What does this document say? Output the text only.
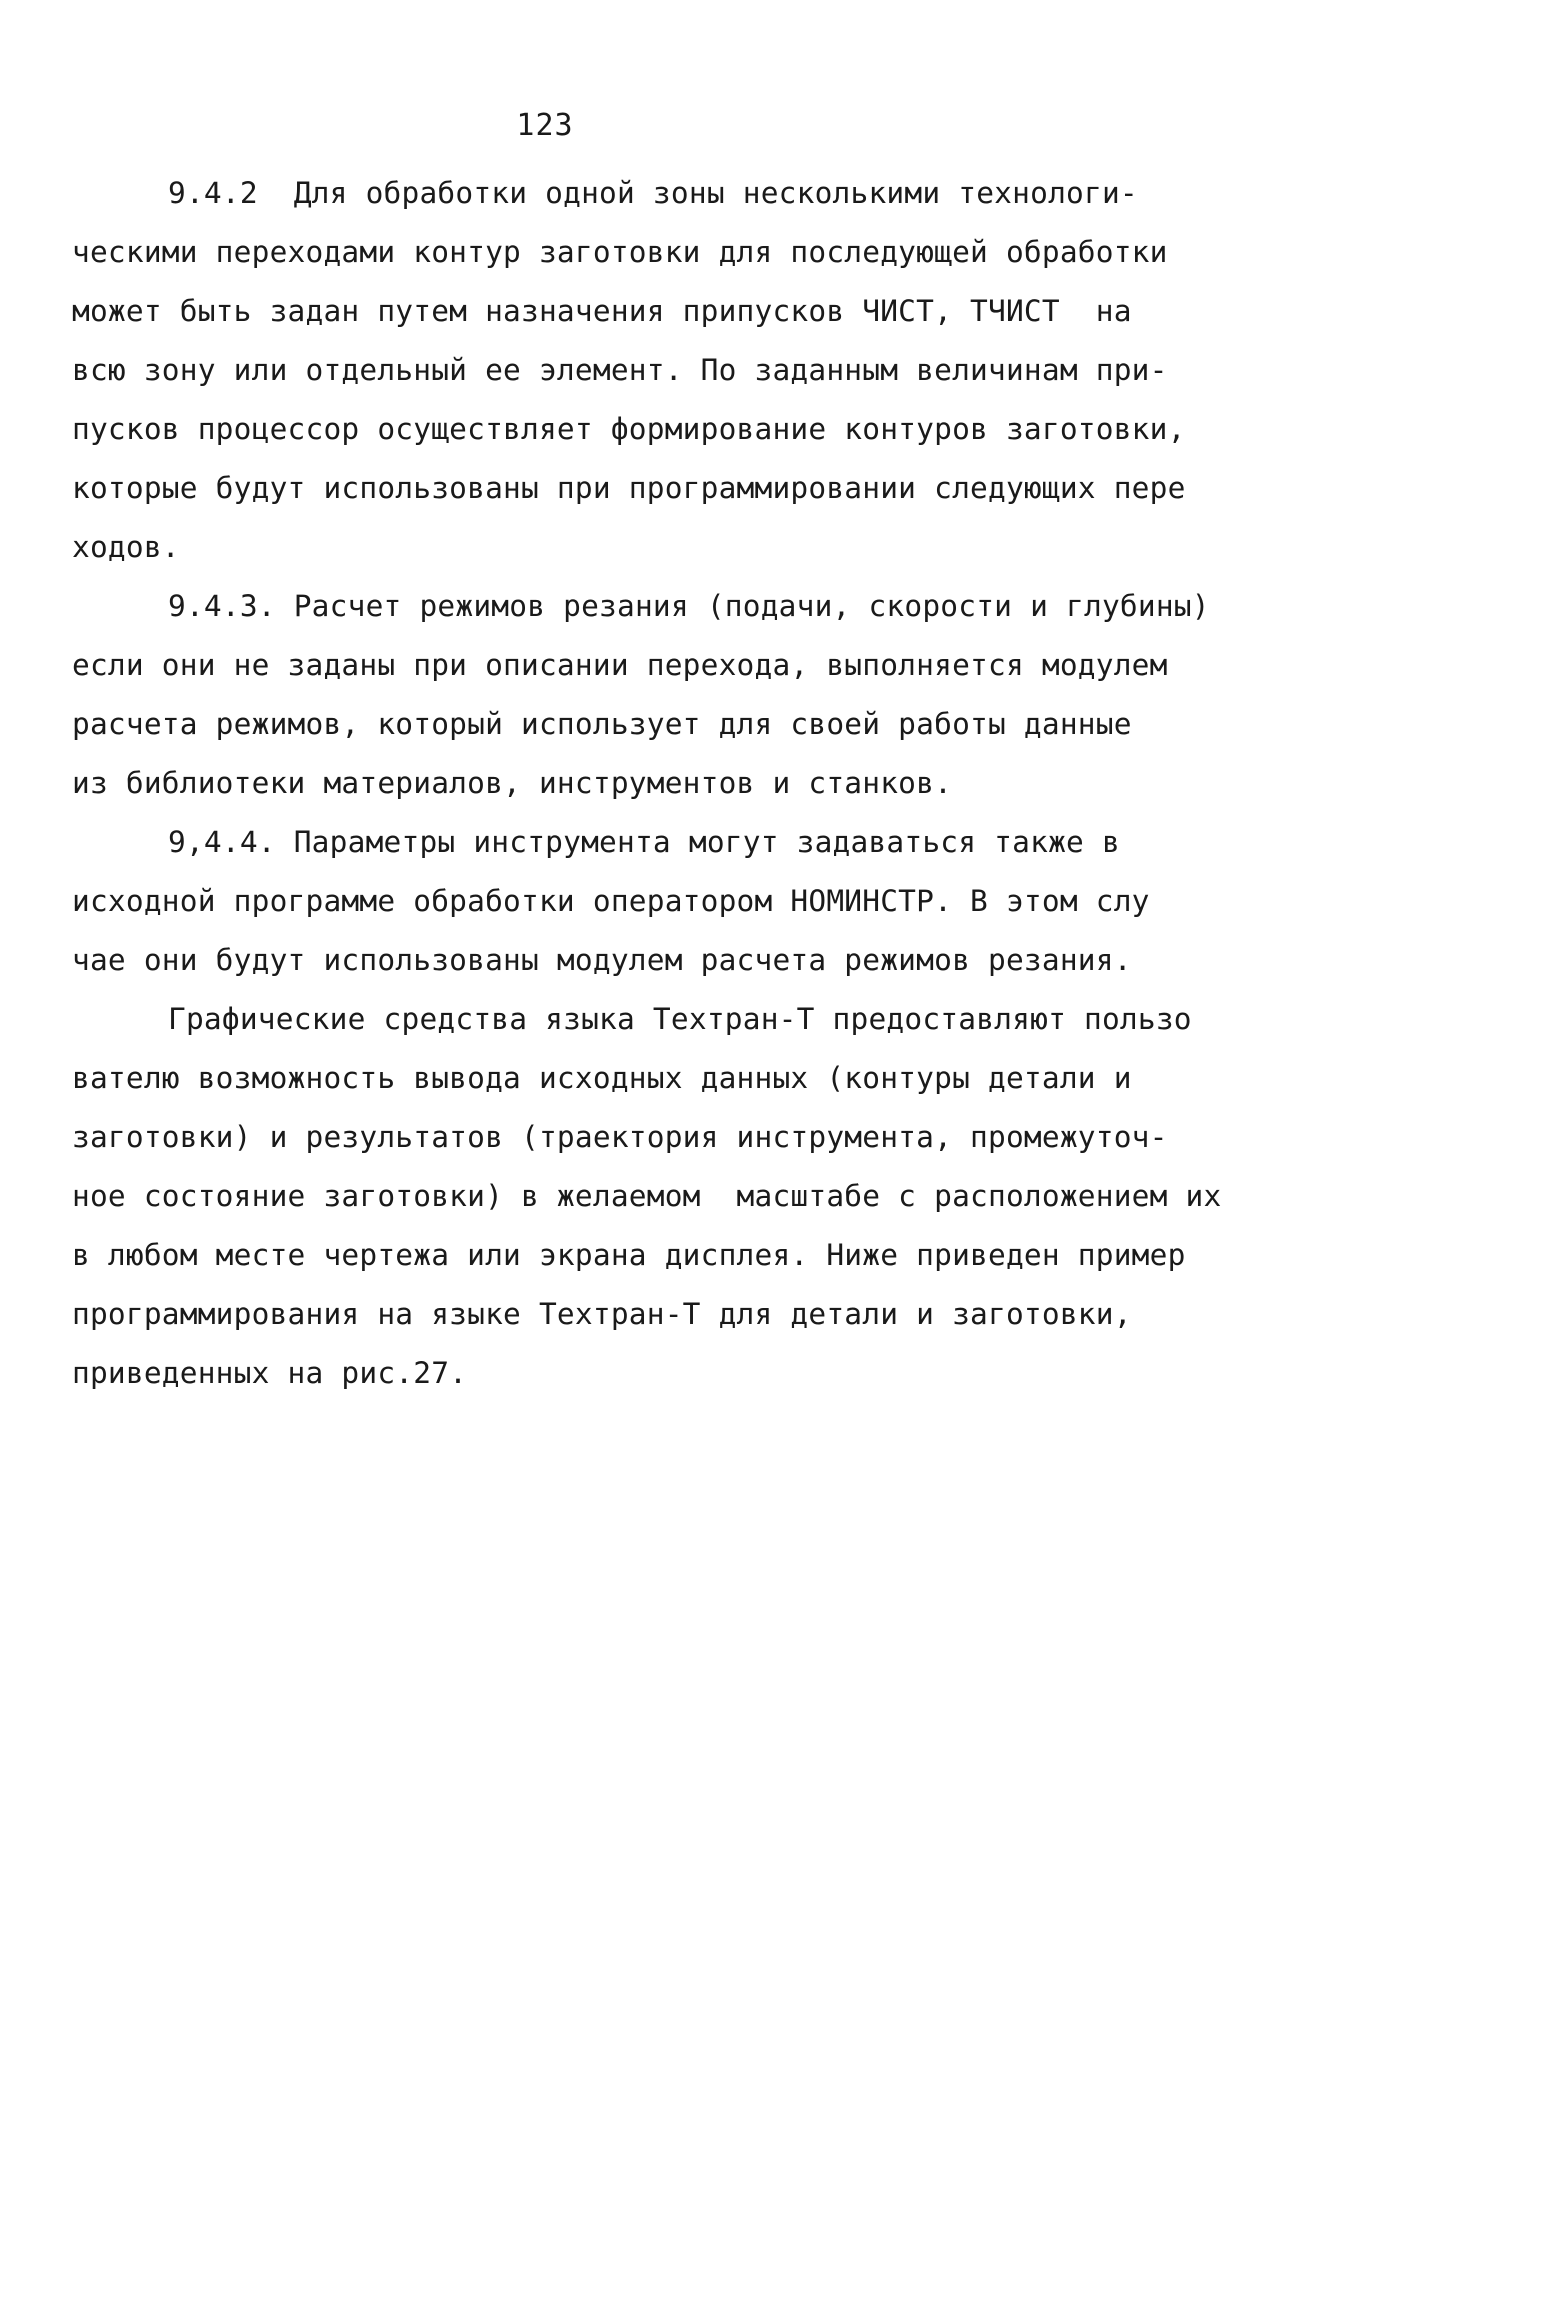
123
9.4.2  Для обработки одной зоны несколькими технологи-
ческими переходами контур заготовки для последующей обработки
может быть задан путем назначения припусков ЧИСТ, ТЧИСТ  на
всю зону или отдельный ее элемент. По заданным величинам при-
пусков процессор осуществляет формирование контуров заготовки,
которые будут использованы при программировании следующих пере
ходов.
9.4.3. Расчет режимов резания (подачи, скорости и глубины)
если они не заданы при описании перехода, выполняется модулем
расчета режимов, который использует для своей работы данные
из библиотеки материалов, инструментов и станков.
9,4.4. Параметры инструмента могут задаваться также в
исходной программе обработки оператором НОМИНСТР. В этом слу
чае они будут использованы модулем расчета режимов резания.
Графические средства языка Техтран-Т предоставляют пользо
вателю возможность вывода исходных данных (контуры детали и
заготовки) и результатов (траектория инструмента, промежуточ-
ное состояние заготовки) в желаемом  масштабе с расположением их
в любом месте чертежа или экрана дисплея. Ниже приведен пример
программирования на языке Техтран-Т для детали и заготовки,
приведенных на рис.27.
